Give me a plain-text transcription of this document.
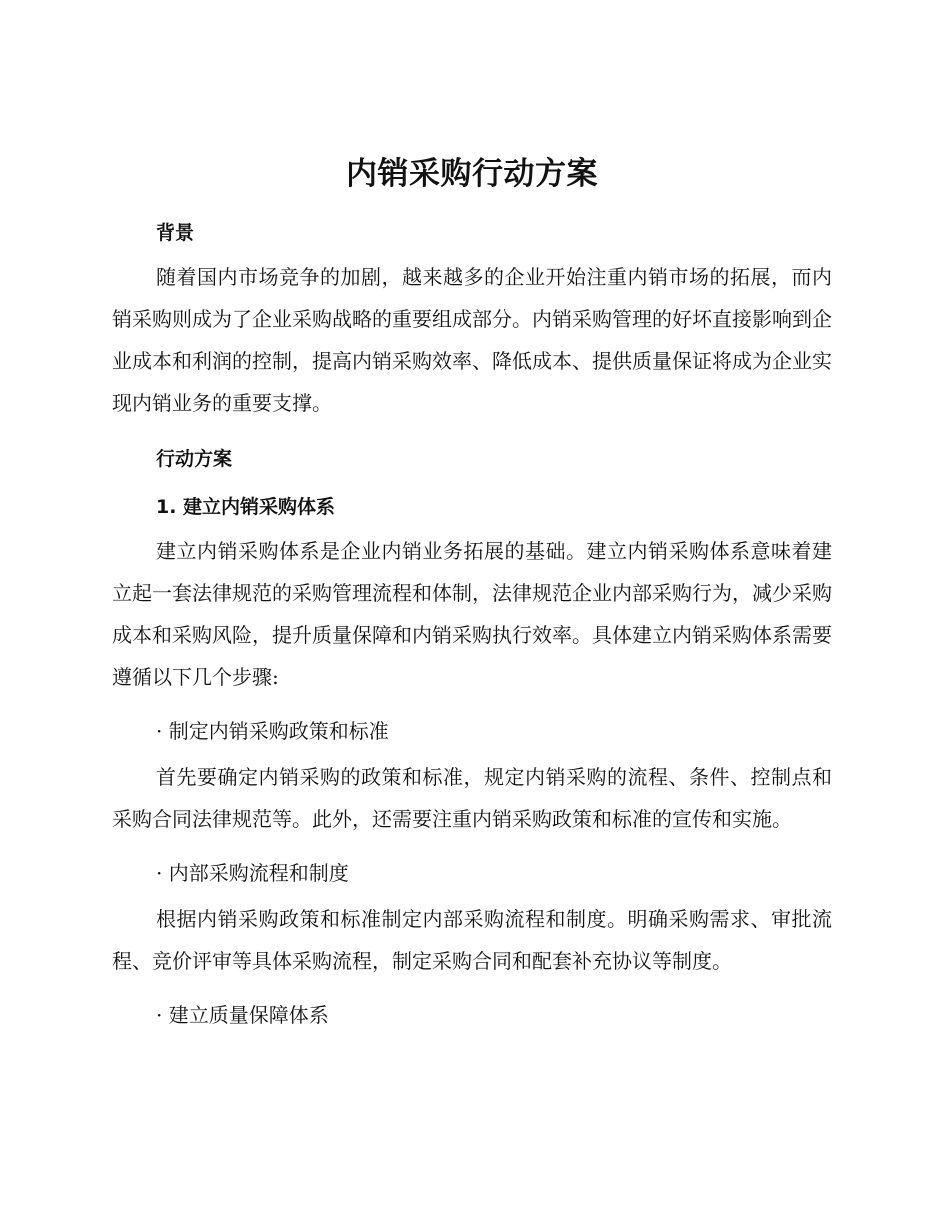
内销采购行动方案
背景

随着国内市场竞争的加剧，越来越多的企业开始注重内销市场的拓展，而内销采购则成为了企业采购战略的重要组成部分。内销采购管理的好坏直接影响到企业成本和利润的控制，提高内销采购效率、降低成本、提供质量保证将成为企业实现内销业务的重要支撑。

行动方案
1. 建立内销采购体系

建立内销采购体系是企业内销业务拓展的基础。建立内销采购体系意味着建立起一套法律规范的采购管理流程和体制，法律规范企业内部采购行为，减少采购成本和采购风险，提升质量保障和内销采购执行效率。具体建立内销采购体系需要遵循以下几个步骤:

· 制定内销采购政策和标准

首先要确定内销采购的政策和标准，规定内销采购的流程、条件、控制点和采购合同法律规范等。此外，还需要注重内销采购政策和标准的宣传和实施。

· 内部采购流程和制度

根据内销采购政策和标准制定内部采购流程和制度。明确采购需求、审批流程、竞价评审等具体采购流程，制定采购合同和配套补充协议等制度。

· 建立质量保障体系
